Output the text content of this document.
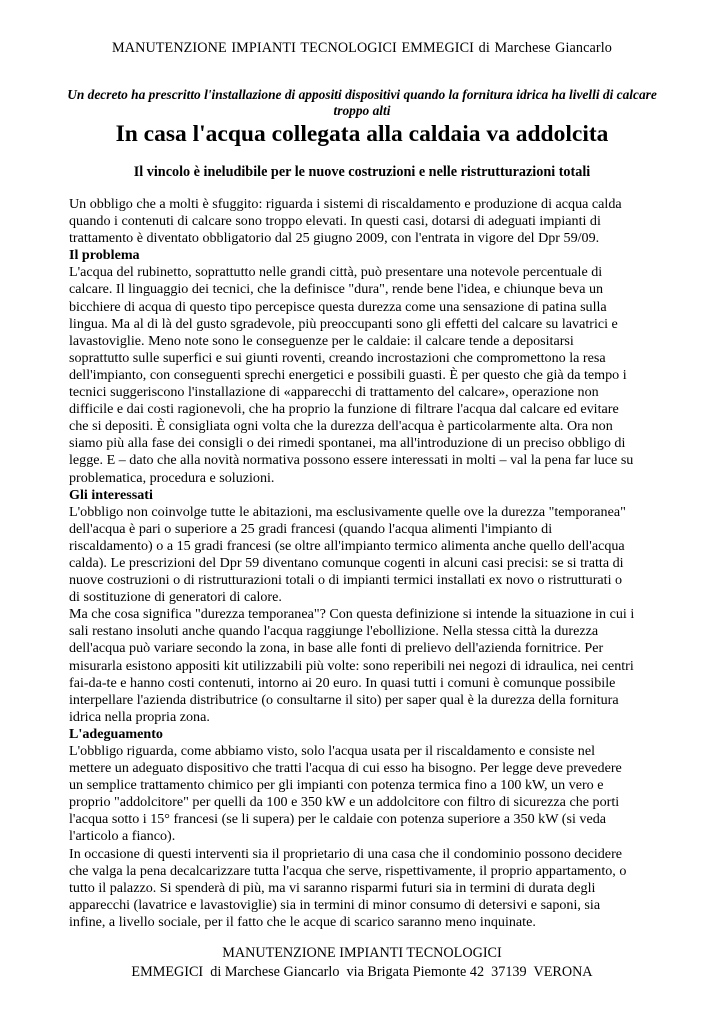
MANUTENZIONE IMPIANTI TECNOLOGICI EMMEGICI di Marchese Giancarlo
Un decreto ha prescritto l'installazione di appositi dispositivi quando la fornitura idrica ha livelli di calcare troppo alti
In casa l'acqua collegata alla caldaia va addolcita
Il vincolo è ineludibile per le nuove costruzioni e nelle ristrutturazioni totali
Un obbligo che a molti è sfuggito: riguarda i sistemi di riscaldamento e produzione di acqua calda
quando i contenuti di calcare sono troppo elevati. In questi casi, dotarsi di adeguati impianti di
trattamento è diventato obbligatorio dal 25 giugno 2009, con l'entrata in vigore del Dpr 59/09.
Il problema
L'acqua del rubinetto, soprattutto nelle grandi città, può presentare una notevole percentuale di
calcare. Il linguaggio dei tecnici, che la definisce "dura", rende bene l'idea, e chiunque beva un
bicchiere di acqua di questo tipo percepisce questa durezza come una sensazione di patina sulla
lingua. Ma al di là del gusto sgradevole, più preoccupanti sono gli effetti del calcare su lavatrici e
lavastoviglie. Meno note sono le conseguenze per le caldaie: il calcare tende a depositarsi
soprattutto sulle superfici e sui giunti roventi, creando incrostazioni che compromettono la resa
dell'impianto, con conseguenti sprechi energetici e possibili guasti. È per questo che già da tempo i
tecnici suggeriscono l'installazione di «apparecchi di trattamento del calcare», operazione non
difficile e dai costi ragionevoli, che ha proprio la funzione di filtrare l'acqua dal calcare ed evitare
che si depositi. È consigliata ogni volta che la durezza dell'acqua è particolarmente alta. Ora non
siamo più alla fase dei consigli o dei rimedi spontanei, ma all'introduzione di un preciso obbligo di
legge. E – dato che alla novità normativa possono essere interessati in molti – val la pena far luce su
problematica, procedura e soluzioni.
Gli interessati
L'obbligo non coinvolge tutte le abitazioni, ma esclusivamente quelle ove la durezza "temporanea"
dell'acqua è pari o superiore a 25 gradi francesi (quando l'acqua alimenti l'impianto di
riscaldamento) o a 15 gradi francesi (se oltre all'impianto termico alimenta anche quello dell'acqua
calda). Le prescrizioni del Dpr 59 diventano comunque cogenti in alcuni casi precisi: se si tratta di
nuove costruzioni o di ristrutturazioni totali o di impianti termici installati ex novo o ristrutturati o
di sostituzione di generatori di calore.
Ma che cosa significa "durezza temporanea"? Con questa definizione si intende la situazione in cui i
sali restano insoluti anche quando l'acqua raggiunge l'ebollizione. Nella stessa città la durezza
dell'acqua può variare secondo la zona, in base alle fonti di prelievo dell'azienda fornitrice. Per
misurarla esistono appositi kit utilizzabili più volte: sono reperibili nei negozi di idraulica, nei centri
fai-da-te e hanno costi contenuti, intorno ai 20 euro. In quasi tutti i comuni è comunque possibile
interpellare l'azienda distributrice (o consultarne il sito) per saper qual è la durezza della fornitura
idrica nella propria zona.
L'adeguamento
L'obbligo riguarda, come abbiamo visto, solo l'acqua usata per il riscaldamento e consiste nel
mettere un adeguato dispositivo che tratti l'acqua di cui esso ha bisogno. Per legge deve prevedere
un semplice trattamento chimico per gli impianti con potenza termica fino a 100 kW, un vero e
proprio "addolcitore" per quelli da 100 e 350 kW e un addolcitore con filtro di sicurezza che porti
l'acqua sotto i 15° francesi (se li supera) per le caldaie con potenza superiore a 350 kW (si veda
l'articolo a fianco).
In occasione di questi interventi sia il proprietario di una casa che il condominio possono decidere
che valga la pena decalcarizzare tutta l'acqua che serve, rispettivamente, il proprio appartamento, o
tutto il palazzo. Si spenderà di più, ma vi saranno risparmi futuri sia in termini di durata degli
apparecchi (lavatrice e lavastoviglie) sia in termini di minor consumo di detersivi e saponi, sia
infine, a livello sociale, per il fatto che le acque di scarico saranno meno inquinate.
MANUTENZIONE IMPIANTI TECNOLOGICI
EMMEGICI  di Marchese Giancarlo  via Brigata Piemonte 42  37139  VERONA
